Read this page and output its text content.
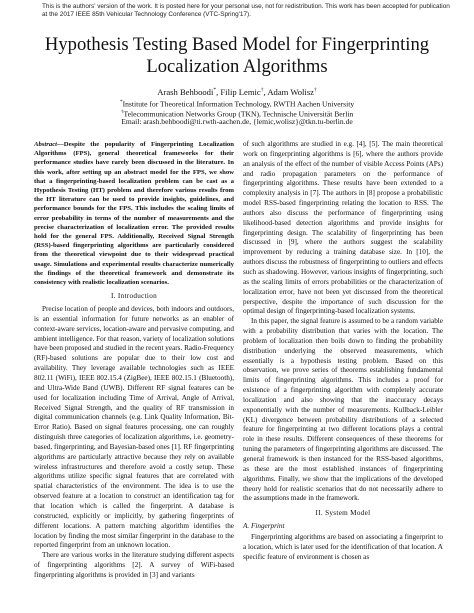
This is the authors' version of the work. It is posted here for your personal use, not for redistribution. This work has been accepted for publication at the 2017 IEEE 85th Vehicular Technology Conference (VTC-Spring'17).
Hypothesis Testing Based Model for Fingerprinting Localization Algorithms
Arash Behboodi*, Filip Lemic†, Adam Wolisz†
*Institute for Theoretical Information Technology, RWTH Aachen University
†Telecommunication Networks Group (TKN), Technische Universität Berlin
Email: arash.behboodi@ti.rwth-aachen.de, {lemic,wolisz}@tkn.tu-berlin.de
Abstract—Despite the popularity of Fingerprinting Localization Algorithms (FPS), general theoretical frameworks for their performance studies have rarely been discussed in the literature. In this work, after setting up an abstract model for the FPS, we show that a fingerprinting-based localization problem can be cast as a Hypothesis Testing (HT) problem and therefore various results from the HT literature can be used to provide insights, guidelines, and performance bounds for the FPS. This includes the scaling limits of error probability in terms of the number of measurements and the precise characterization of localization error. The provided results hold for the general FPS. Additionally, Received Signal Strength (RSS)-based fingerprinting algorithms are particularly considered from the theoretical viewpoint due to their widespread practical usage. Simulations and experimental results characterize numerically the findings of the theoretical framework and demonstrate its consistency with realistic localization scenarios.
I. Introduction

Precise location of people and devices, both indoors and outdoors, is an essential information for future networks as an enabler of context-aware services, location-aware and pervasive computing, and ambient intelligence. For that reason, variety of localization solutions have been proposed and studied in the recent years. Radio-Frequency (RF)-based solutions are popular due to their low cost and availability. They leverage available technologies such as IEEE 802.11 (WiFi), IEEE 802.15.4 (ZigBee), IEEE 802.15.1 (Bluetooth), and Ultra-Wide Band (UWB). Different RF signal features can be used for localization including Time of Arrival, Angle of Arrival, Received Signal Strength, and the quality of RF transmission in digital communication channels (e.g. Link Quality Information, Bit-Error Ratio). Based on signal features processing, one can roughly distinguish three categories of localization algorithms, i.e. geometry-based, fingerprinting, and Bayesian-based ones [1]. RF fingerprinting algorithms are particularly attractive because they rely on available wireless infrastructures and therefore avoid a costly setup. These algorithms utilize specific signal features that are correlated with spatial characteristics of the environment. The idea is to use the observed feature at a location to construct an identification tag for that location which is called the fingerprint. A database is constructed, explicitly or implicitly, by gathering fingerprints of different locations. A pattern matching algorithm identifies the location by finding the most similar fingerprint in the database to the reported fingerprint from an unknown location.

There are various works in the literature studying different aspects of fingerprinting algorithms [2]. A survey of WiFi-based fingerprinting algorithms is provided in [3] and variants

of such algorithms are studied in e.g. [4], [5]. The main theoretical work on fingerprinting algorithms is [6], where the authors provide an analysis of the effect of the number of visible Access Points (APs) and radio propagation parameters on the performance of fingerprinting algorithms. These results have been extended to a complexity analysis in [7]. The authors in [8] propose a probabilistic model RSS-based fingerprinting relating the location to RSS. The authors also discuss the performance of fingerprinting using likelihood-based detection algorithms and provide insights for fingerprinting design. The scalability of fingerprinting has been discussed in [9], where the authors suggest the scalability improvement by reducing a training database size. In [10], the authors discuss the robustness of fingerprinting to outliers and effects such as shadowing. However, various insights of fingerprinting, such as the scaling limits of errors probabilities or the characterization of localization error, have not been yet discussed from the theoretical perspective, despite the importance of such discussion for the optimal design of fingerprinting-based localization systems.

In this paper, the signal feature is assumed to be a random variable with a probability distribution that varies with the location. The problem of localization then boils down to finding the probability distribution underlying the observed measurements, which essentially is a hypothesis testing problem. Based on this observation, we prove series of theorems establishing fundamental limits of fingerprinting algorithms. This includes a proof for existence of a fingerprinting algorithm with completely accurate localization and also showing that the inaccuracy decays exponentially with the number of measurements. Kullback-Leibler (KL) divergence between probability distributions of a selected feature for fingerprinting at two different locations plays a central role in these results. Different consequences of these theorems for tuning the parameters of fingerprinting algorithms are discussed. The general framework is then instanced for the RSS-based algorithms, as these are the most established instances of fingerprinting algorithms. Finally, we show that the implications of the developed theory hold for realistic scenarios that do not necessarily adhere to the assumptions made in the framework.

II. System Model
A. Fingerprint

Fingerprinting algorithms are based on associating a fingerprint to a location, which is later used for the identification of that location. A specific feature of environment is chosen as
